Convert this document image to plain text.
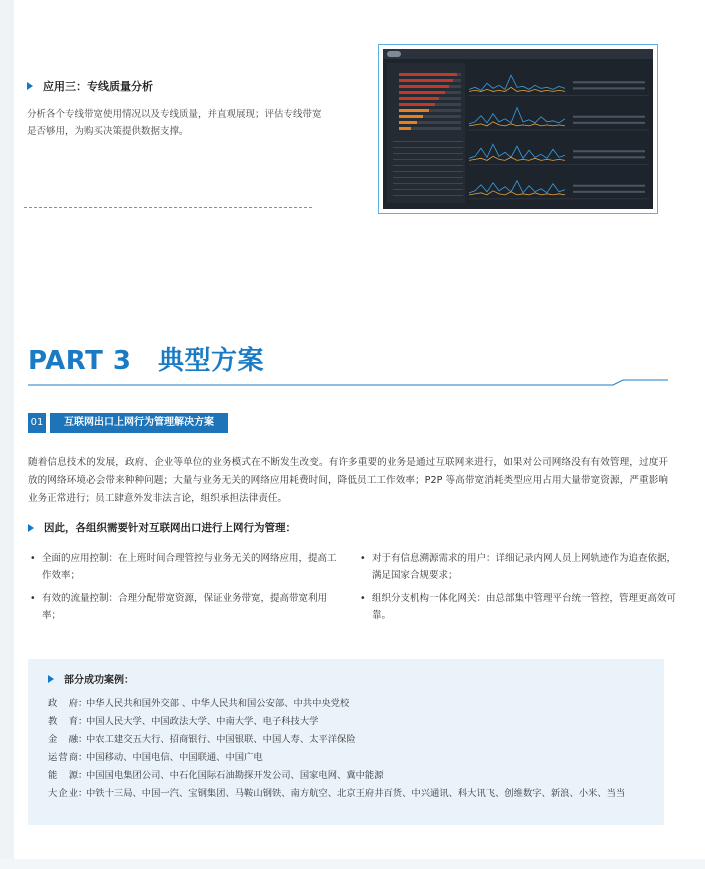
应用三：专线质量分析
分析各个专线带宽使用情况以及专线质量，并直观展现；评估专线带宽是否够用，为购买决策提供数据支撑。
PART 3　典型方案
01	互联网出口上网行为管理解决方案
随着信息技术的发展，政府、企业等单位的业务模式在不断发生改变。有许多重要的业务是通过互联网来进行，如果对公司网络没有有效管理，过度开放的网络环境必会带来种种问题；大量与业务无关的网络应用耗费时间，降低员工工作效率；P2P 等高带宽消耗类型应用占用大量带宽资源，严重影响业务正常进行；员工肆意外发非法言论，组织承担法律责任。
因此，各组织需要针对互联网出口进行上网行为管理：
• 全面的应用控制：在上班时间合理管控与业务无关的网络应用，提高工作效率；
• 有效的流量控制：合理分配带宽资源，保证业务带宽，提高带宽利用率；
• 对于有信息溯源需求的用户：详细记录内网人员上网轨迹作为追查依据，满足国家合规要求；
• 组织分支机构一体化网关：由总部集中管理平台统一管控，管理更高效可靠。
部分成功案例：
政府 ：
中华人民共和国外交部 、中华人民共和国公安部、中共中央党校
教育 ：
中国人民大学、中国政法大学、中南大学、电子科技大学
金融 ：
中农工建交五大行、招商银行、中国银联、中国人寿、太平洋保险
运营商 ：
中国移动、中国电信、中国联通、中国广电
能源 ：
中国国电集团公司、中石化国际石油勘探开发公司、国家电网、冀中能源
大企业 ：
中铁十三局、中国一汽、宝钢集团、马鞍山钢铁、南方航空、北京王府井百货、中兴通讯、科大讯飞、创维数字、新浪、小米、当当
